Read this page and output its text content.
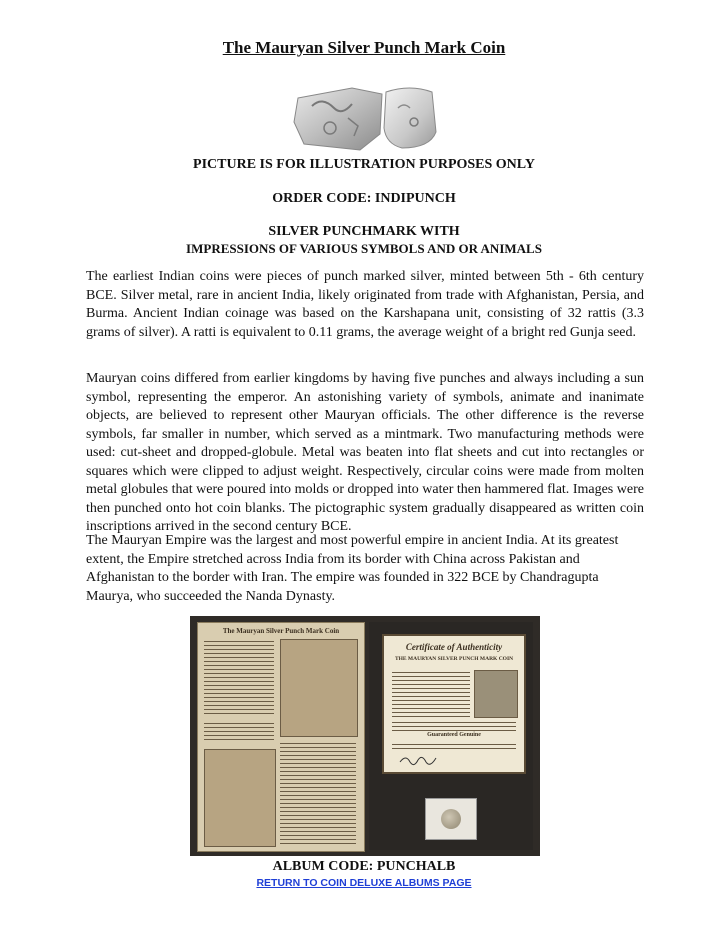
The Mauryan Silver Punch Mark Coin
PICTURE IS FOR ILLUSTRATION PURPOSES ONLY
ORDER CODE: INDIPUNCH
SILVER PUNCHMARK WITH
IMPRESSIONS OF VARIOUS SYMBOLS AND OR ANIMALS

The earliest Indian coins were pieces of punch marked silver, minted between 5th - 6th century BCE. Silver metal, rare in ancient India, likely originated from trade with Afghanistan, Persia, and Burma. Ancient Indian coinage was based on the Karshapana unit, consisting of 32 rattis (3.3 grams of silver). A ratti is equivalent to 0.11 grams, the average weight of a bright red Gunja seed.

Mauryan coins differed from earlier kingdoms by having five punches and always including a sun symbol, representing the emperor. An astonishing variety of symbols, animate and inanimate objects, are believed to represent other Mauryan officials. The other difference is the reverse symbols, far smaller in number, which served as a mintmark. Two manufacturing methods were used: cut-sheet and dropped-globule. Metal was beaten into flat sheets and cut into rectangles or squares which were clipped to adjust weight. Respectively, circular coins were made from molten metal globules that were poured into molds or dropped into water then hammered flat. Images were then punched onto hot coin blanks. The pictographic system gradually disappeared as written coin inscriptions arrived in the second century BCE.

The Mauryan Empire was the largest and most powerful empire in ancient India. At its greatest extent, the Empire stretched across India from its border with China across Pakistan and Afghanistan to the border with Iran. The empire was founded in 322 BCE by Chandragupta Maurya, who succeeded the Nanda Dynasty.

The Mauryan Silver Punch Mark Coin
Certificate of Authenticity
THE MAURYAN SILVER PUNCH MARK COIN
Guaranteed Genuine
ALBUM CODE: PUNCHALB
RETURN TO COIN DELUXE ALBUMS PAGE
